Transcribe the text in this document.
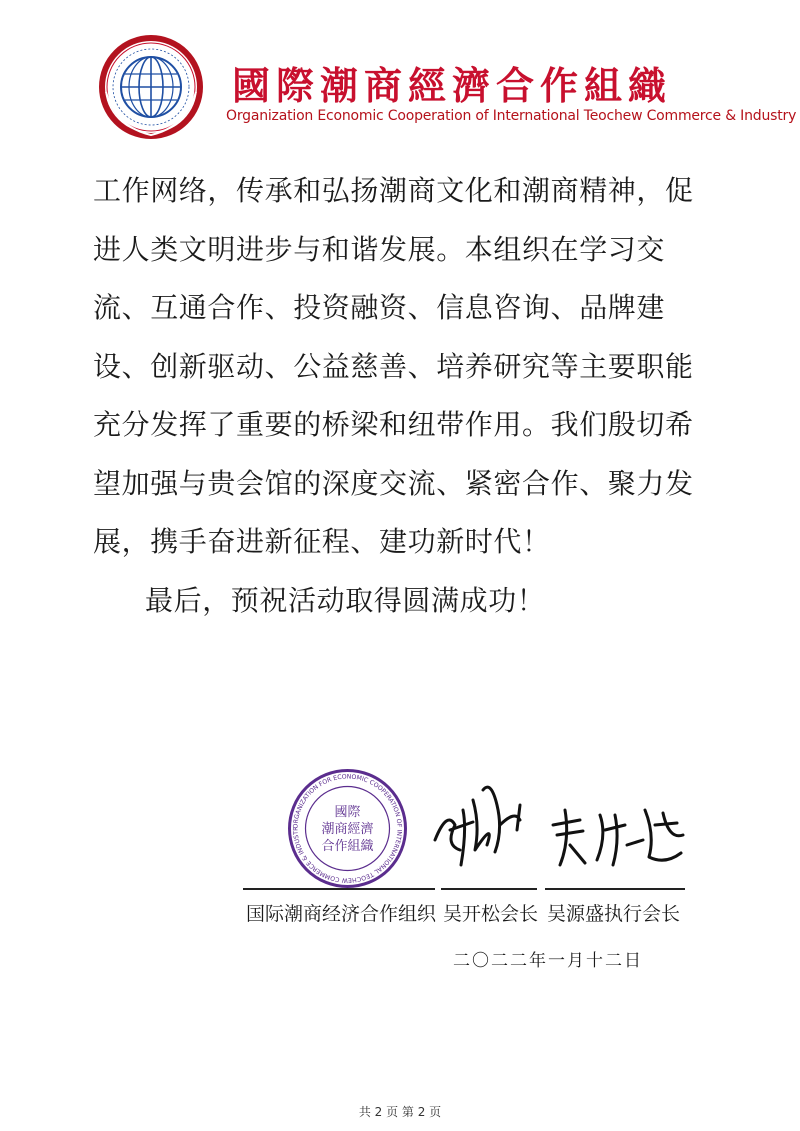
國際潮商經濟合作組織
Organization Economic Cooperation of International Teochew Commerce & Industry
工作网络，传承和弘扬潮商文化和潮商精神，促
进人类文明进步与和谐发展。本组织在学习交
流、互通合作、投资融资、信息咨询、品牌建
设、创新驱动、公益慈善、培养研究等主要职能
充分发挥了重要的桥梁和纽带作用。我们殷切希
望加强与贵会馆的深度交流、紧密合作、聚力发
展，携手奋进新征程、建功新时代！
最后，预祝活动取得圆满成功！
ORGANIZATION FOR ECONOMIC COOPERATION OF INTERNATIONAL TEOCHEW COMMERCE & INDUSTR
國際
潮商經濟
合作組織
国际潮商经济合作组织 吴开松会长 吴源盛执行会长
二〇二二年一月十二日
共 2 页 第 2 页
